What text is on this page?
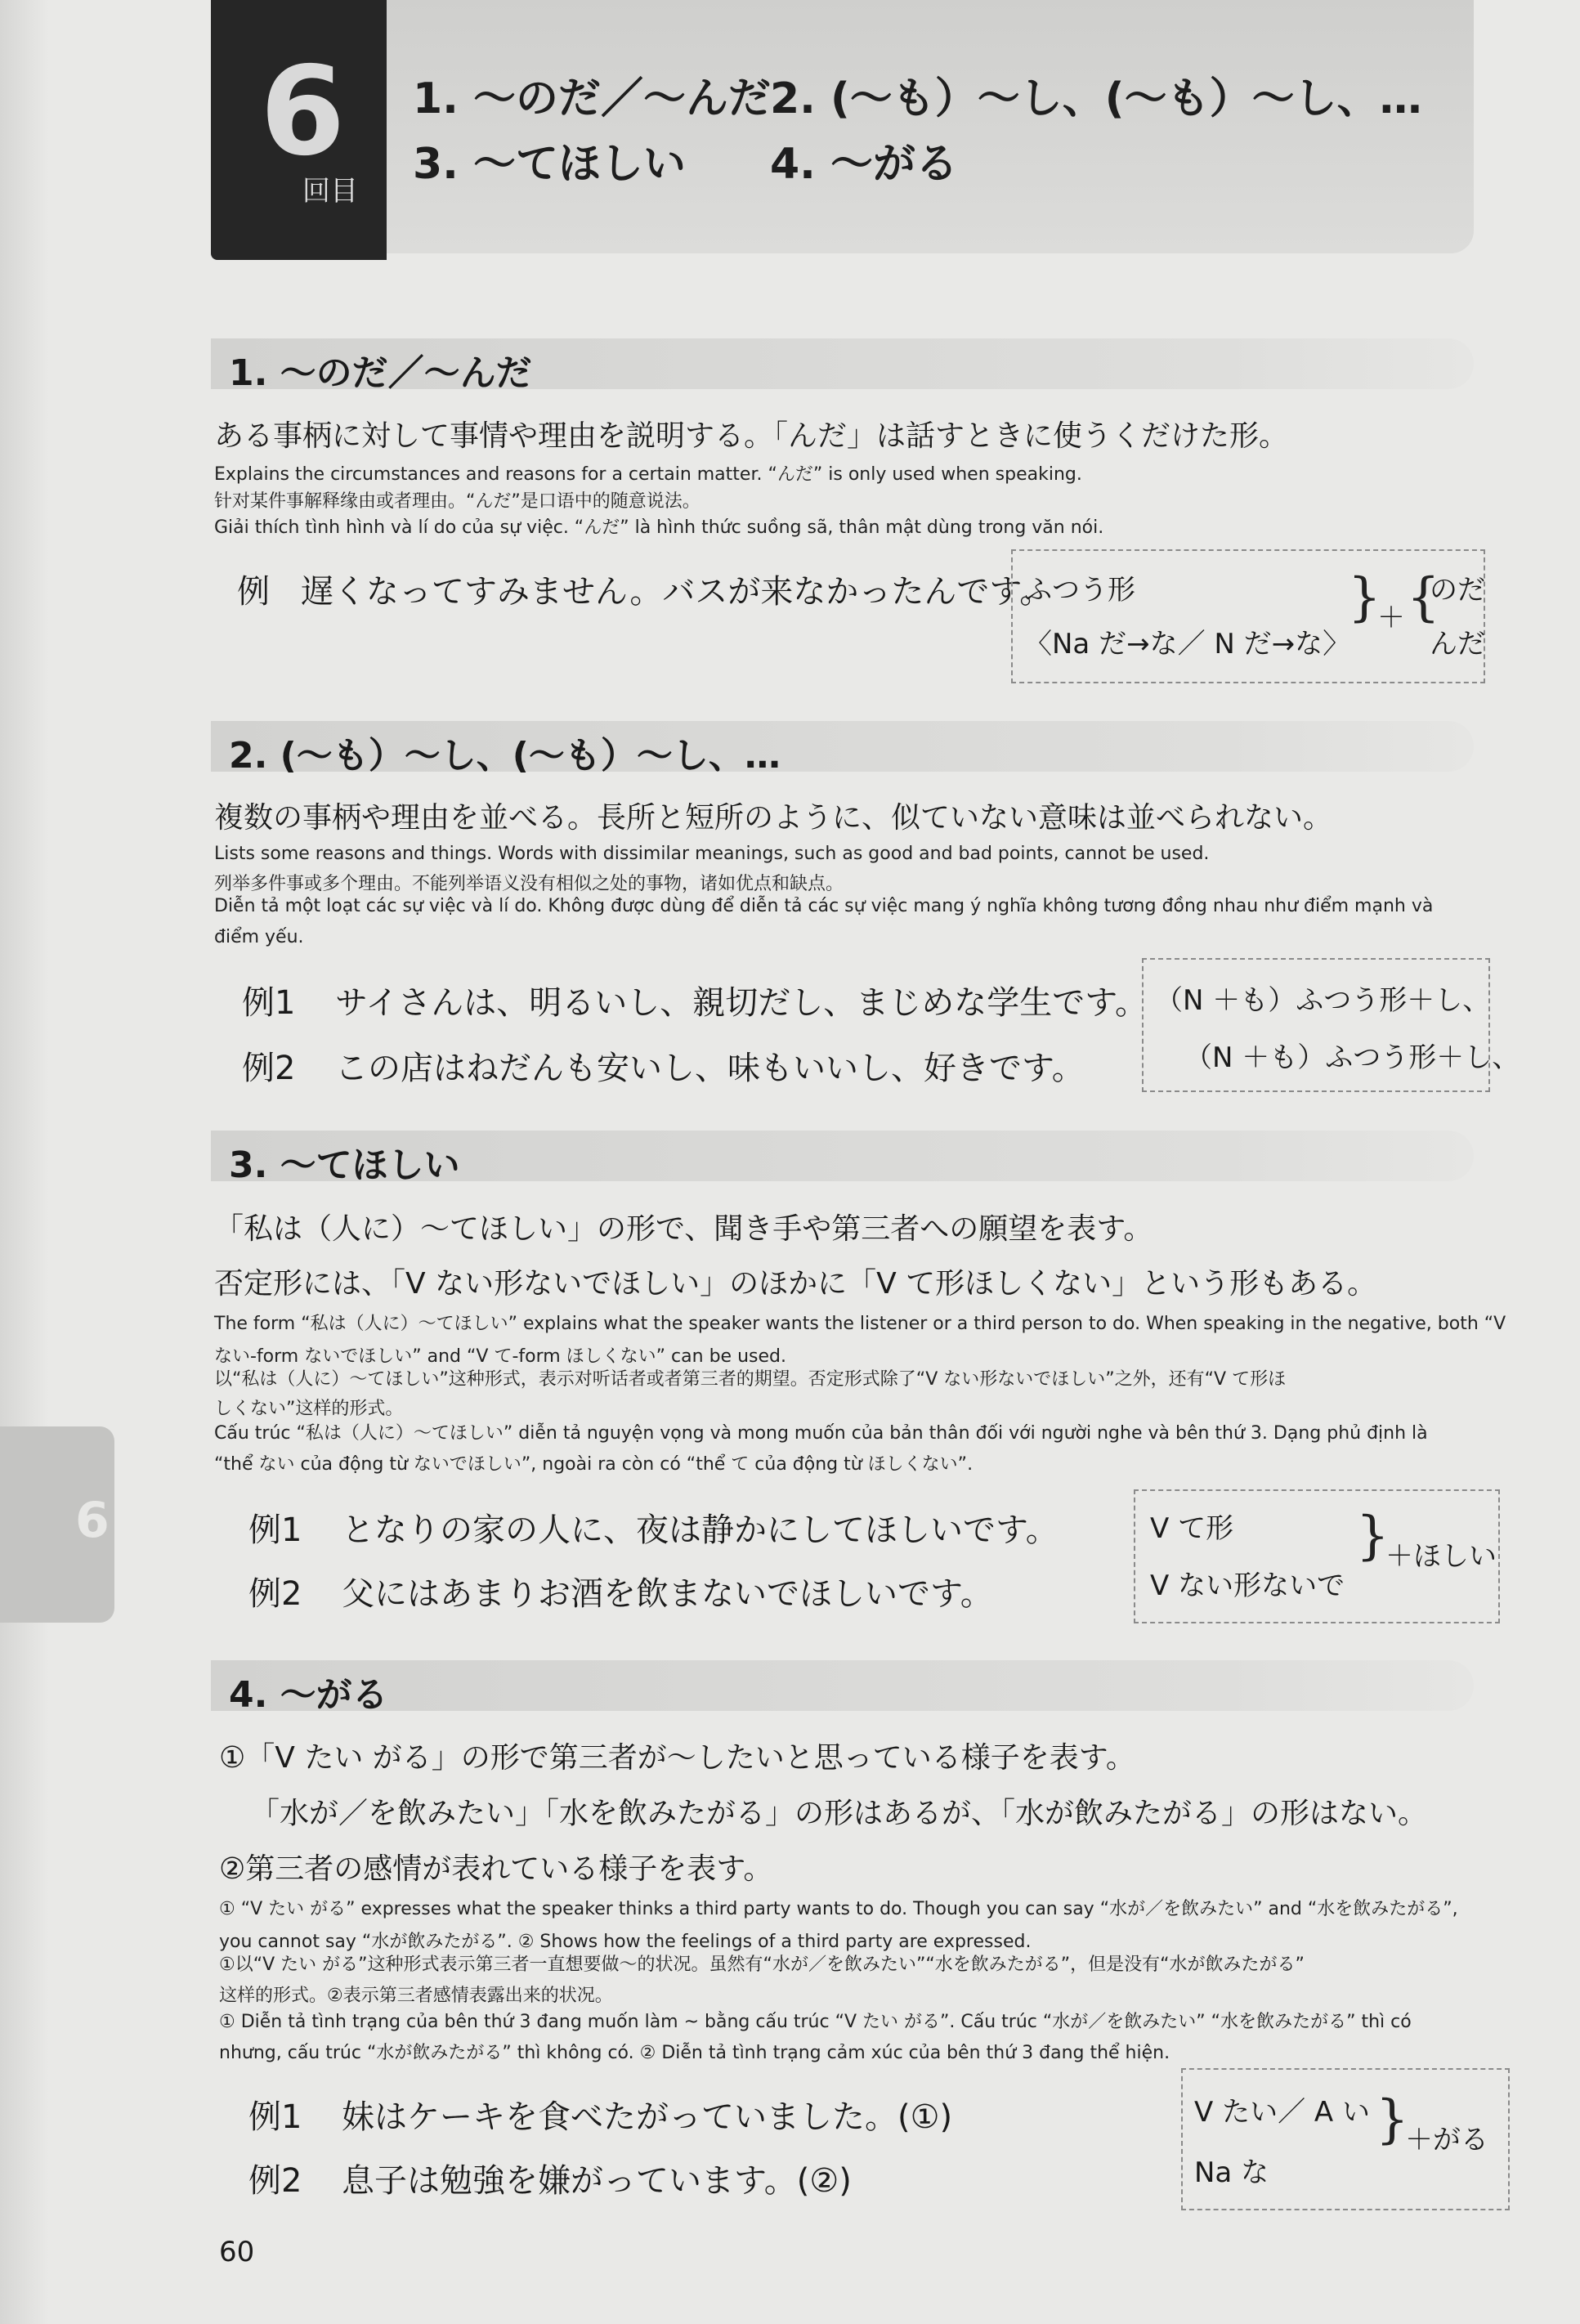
6
回目
1. ～のだ／～んだ
2. (～も）～し、(～も）～し、…
3. ～てほしい 4. ～がる
1. ～のだ／～んだ
ある事柄に対して事情や理由を説明する。「んだ」は話すときに使うくだけた形。
Explains the circumstances and reasons for a certain matter. “んだ” is only used when speaking.
针对某件事解释缘由或者理由。“んだ”是口语中的随意说法。
Giải thích tình hình và lí do của sự việc. “んだ” là hình thức suồng sã, thân mật dùng trong văn nói.
例 遅くなってすみません。バスが来なかったんです。
ふつう形
〈Na だ→な／ N だ→な〉
}
＋ {
のだ
んだ
2. (～も）～し、(～も）～し、…
複数の事柄や理由を並べる。長所と短所のように、似ていない意味は並べられない。
Lists some reasons and things. Words with dissimilar meanings, such as good and bad points, cannot be used.
列举多件事或多个理由。不能列举语义没有相似之处的事物，诸如优点和缺点。
Diễn tả một loạt các sự việc và lí do. Không được dùng để diễn tả các sự việc mang ý nghĩa không tương đồng nhau như điểm mạnh và
điểm yếu.
例1 サイさんは、明るいし、親切だし、まじめな学生です。
例2 この店はねだんも安いし、味もいいし、好きです。
（N ＋も）ふつう形＋し、
（N ＋も）ふつう形＋し、
3. ～てほしい
「私は（人に）～てほしい」の形で、聞き手や第三者への願望を表す。
否定形には、「V ない形ないでほしい」のほかに「V て形ほしくない」という形もある。
The form “私は（人に）～てほしい” explains what the speaker wants the listener or a third person to do. When speaking in the negative, both “V
ない-form ないでほしい” and “V て-form ほしくない” can be used.
以“私は（人に）～てほしい”这种形式，表示对听话者或者第三者的期望。否定形式除了“V ない形ないでほしい”之外，还有“V て形ほ
しくない”这样的形式。
Cấu trúc “私は（人に）～てほしい” diễn tả nguyện vọng và mong muốn của bản thân đối với người nghe và bên thứ 3. Dạng phủ định là
“thể ない của động từ ないでほしい”, ngoài ra còn có “thể て của động từ ほしくない”.
例1 となりの家の人に、夜は静かにしてほしいです。
例2 父にはあまりお酒を飲まないでほしいです。
V て形
V ない形ないで
}
＋ほしい
4. ～がる
①「V たい がる」の形で第三者が～したいと思っている様子を表す。
「水が／を飲みたい」「水を飲みたがる」の形はあるが、「水が飲みたがる」の形はない。
②第三者の感情が表れている様子を表す。
① “V たい がる” expresses what the speaker thinks a third party wants to do. Though you can say “水が／を飲みたい” and “水を飲みたがる”,
you cannot say “水が飲みたがる”. ② Shows how the feelings of a third party are expressed.
①以“V たい がる”这种形式表示第三者一直想要做～的状况。虽然有“水が／を飲みたい”“水を飲みたがる”，但是没有“水が飲みたがる”
这样的形式。②表示第三者感情表露出来的状况。
① Diễn tả tình trạng của bên thứ 3 đang muốn làm ~ bằng cấu trúc “V たい がる”. Cấu trúc “水が／を飲みたい” “水を飲みたがる” thì có
nhưng, cấu trúc “水が飲みたがる” thì không có. ② Diễn tả tình trạng cảm xúc của bên thứ 3 đang thể hiện.
例1 妹はケーキを食べたがっていました。(①)
例2 息子は勉強を嫌がっています。(②)
V たい／ A い
Na な
}
＋がる
6
60
